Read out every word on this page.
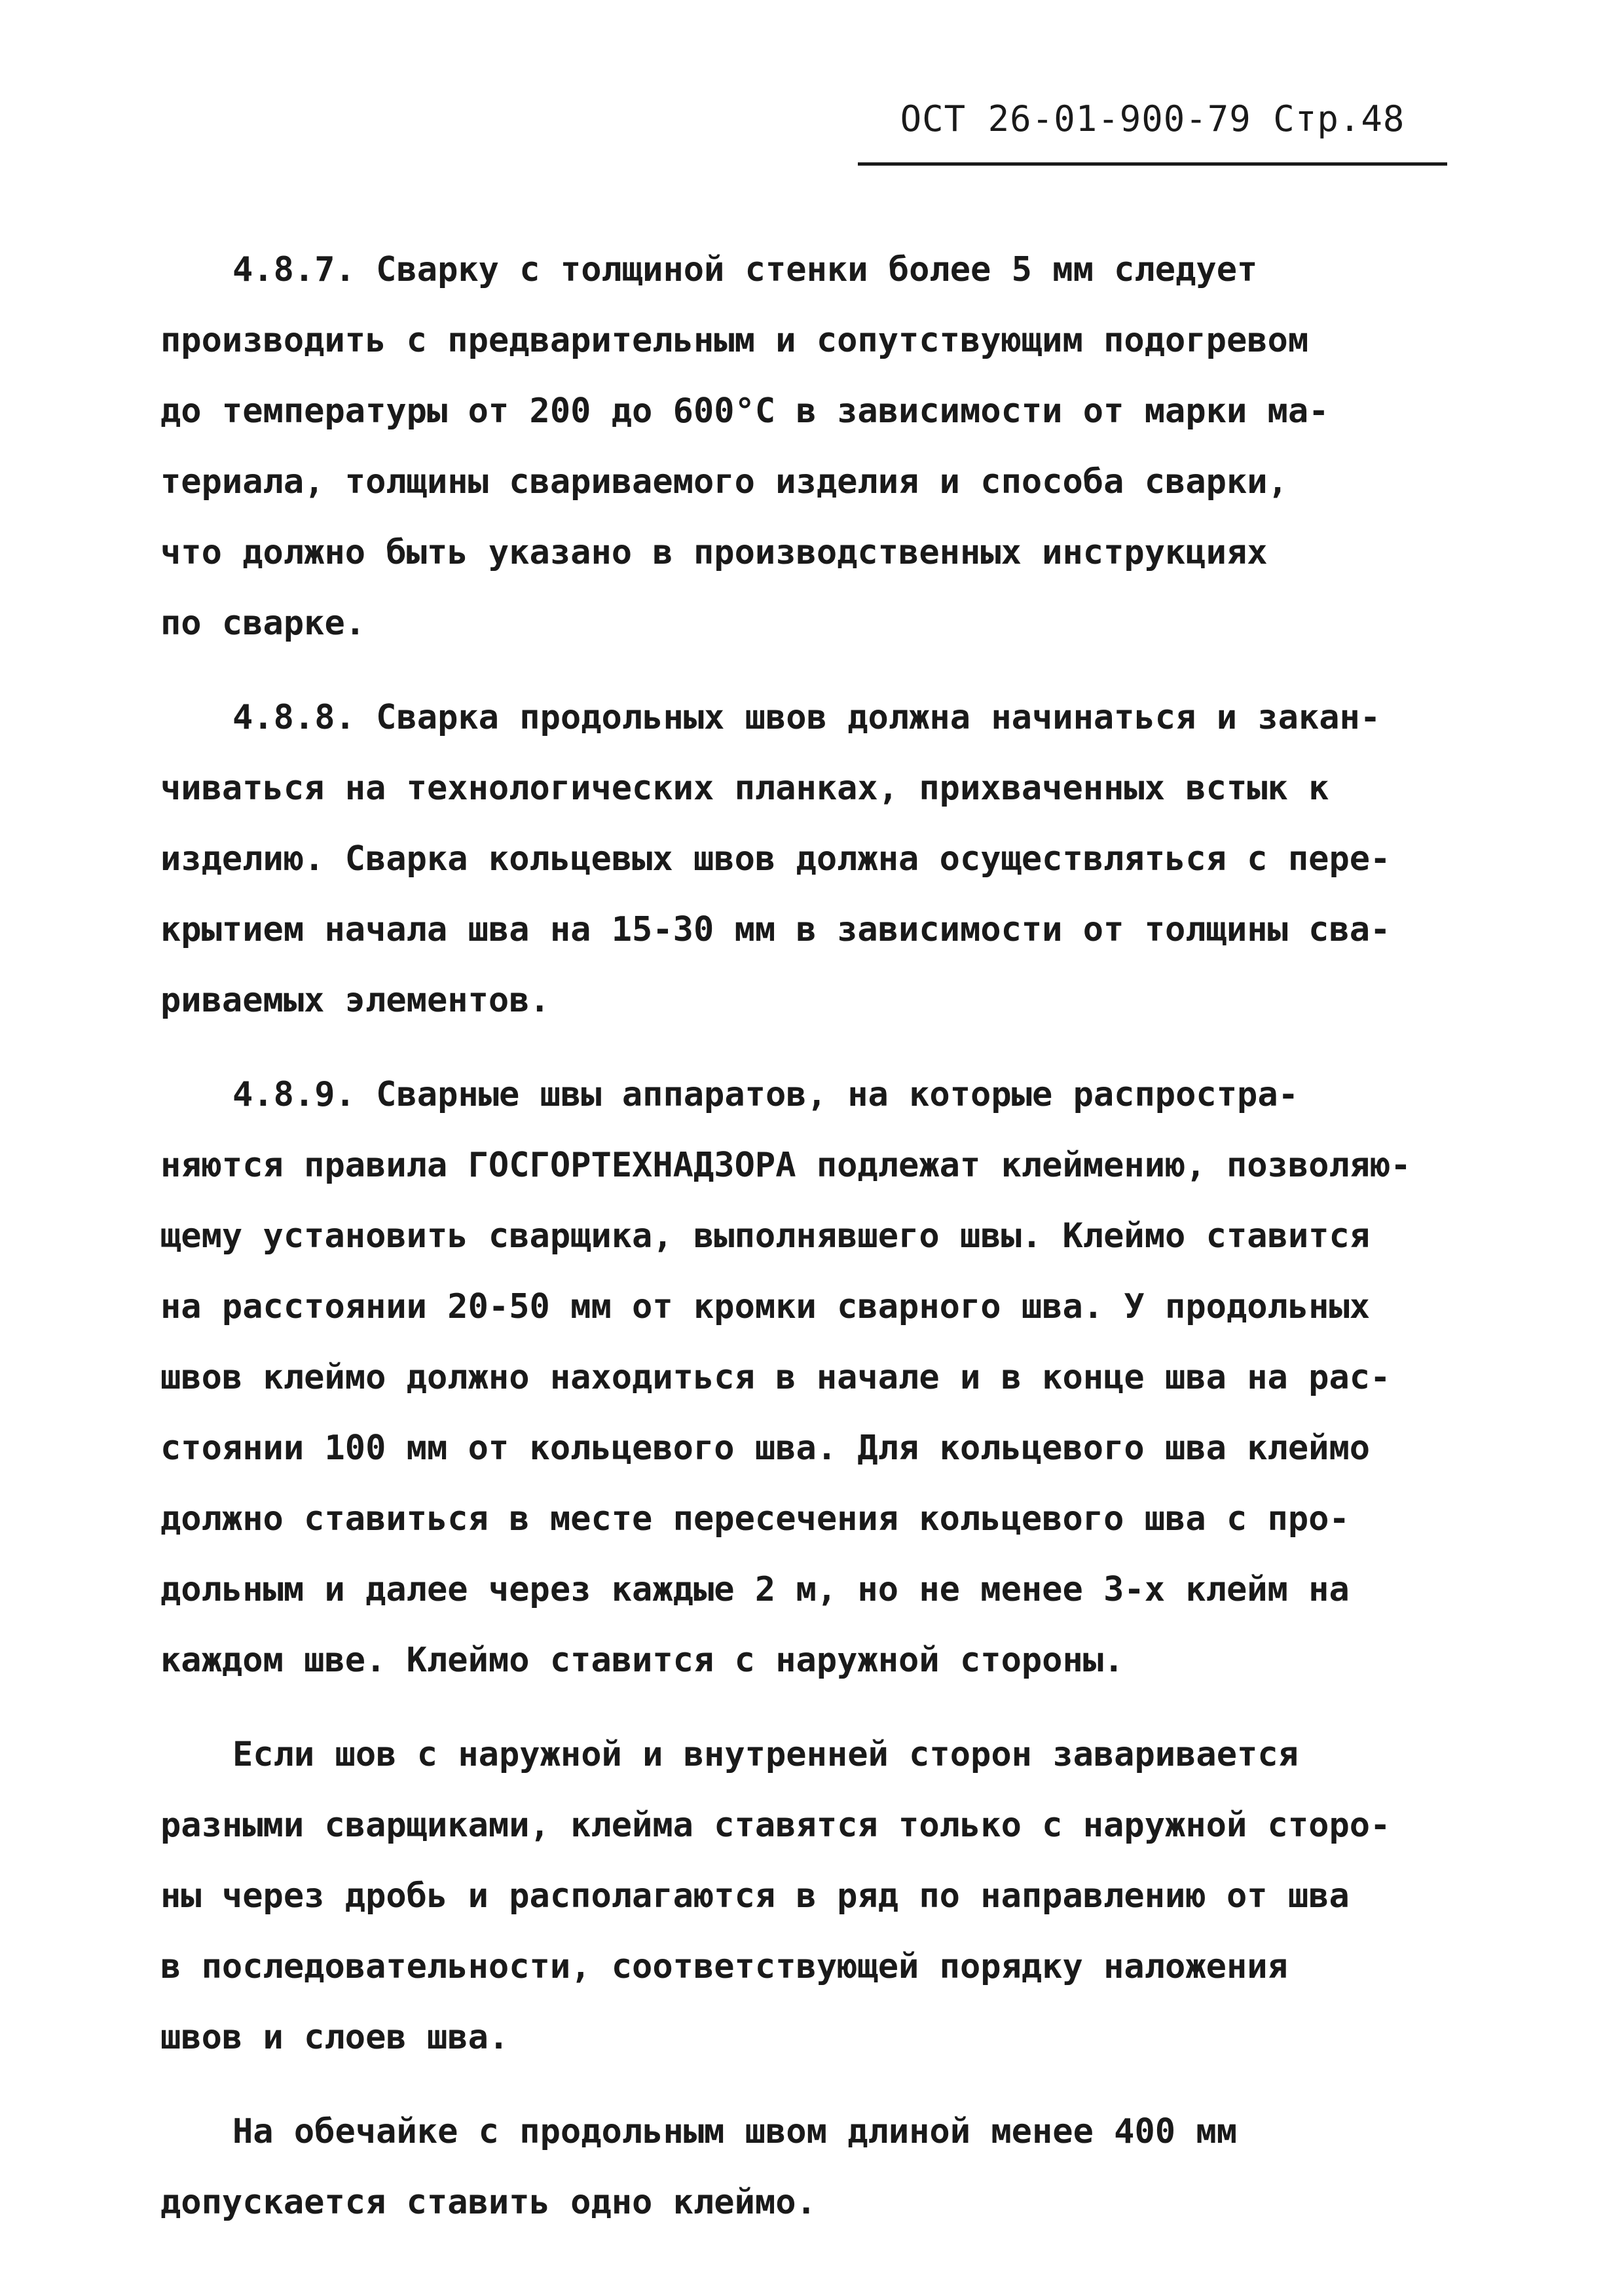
ОСТ 26-01-900-79 Стр.48
4.8.7. Сварку с толщиной стенки более 5 мм следует
производить с предварительным и сопутствующим подогревом
до температуры от 200 до 600°С в зависимости от марки ма-
териала, толщины свариваемого изделия и способа сварки,
что должно быть указано в производственных инструкциях
по сварке.
4.8.8. Сварка продольных швов должна начинаться и закан-
чиваться на технологических планках, прихваченных встык к
изделию. Сварка кольцевых швов должна осуществляться с пере-
крытием начала шва на 15-30 мм в зависимости от толщины сва-
риваемых элементов.
4.8.9. Сварные швы аппаратов, на которые распростра-
няются правила ГОСГОРТЕХНАДЗОРА подлежат клеймению, позволяю-
щему установить сварщика, выполнявшего швы. Клеймо ставится
на расстоянии 20-50 мм от кромки сварного шва. У продольных
швов клеймо должно находиться в начале и в конце шва на рас-
стоянии 100 мм от кольцевого шва. Для кольцевого шва клеймо
должно ставиться в месте пересечения кольцевого шва с про-
дольным и далее через каждые 2 м, но не менее 3-х клейм на
каждом шве. Клеймо ставится с наружной стороны.
Если шов с наружной и внутренней сторон заваривается
разными сварщиками, клейма ставятся только с наружной сторо-
ны через дробь и располагаются в ряд по направлению от шва
в последовательности, соответствующей порядку наложения
швов и слоев шва.
На обечайке с продольным швом длиной менее 400 мм
допускается ставить одно клеймо.
